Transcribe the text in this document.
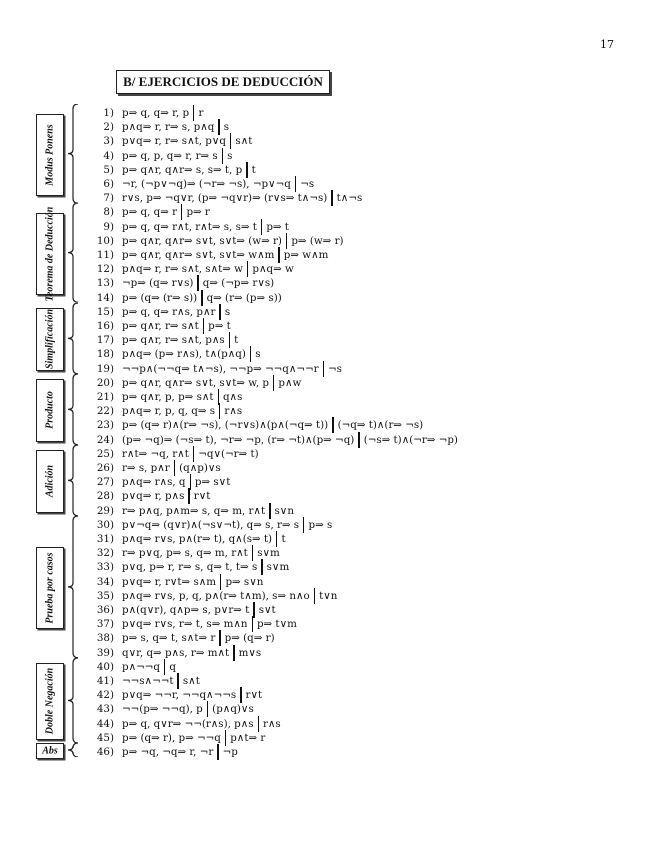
17
B/ EJERCICIOS DE DEDUCCIÓN
1) p⇒ q, q⇒ r, p r
2) p∧q⇒ r, r⇒ s, p∧q s
3) p∨q⇒ r, r⇒ s∧t, p∨q s∧t
4) p⇒ q, p, q⇒ r, r⇒ s s
5) p⇒ q∧r, q∧r⇒ s, s⇒ t, p t
6) ¬r, (¬p∨¬q)⇒ (¬r⇒ ¬s), ¬p∨¬q ¬s
7) r∨s, p⇒ ¬q∨r, (p⇒ ¬q∨r)⇒ (r∨s⇒ t∧¬s) t∧¬s
8) p⇒ q, q⇒ r p⇒ r
9) p⇒ q, q⇒ r∧t, r∧t⇒ s, s⇒ t p⇒ t
10) p⇒ q∧r, q∧r⇒ s∨t, s∨t⇒ (w⇒ r) p⇒ (w⇒ r)
11) p⇒ q∧r, q∧r⇒ s∨t, s∨t⇒ w∧m p⇒ w∧m
12) p∧q⇒ r, r⇒ s∧t, s∧t⇒ w p∧q⇒ w
13) ¬p⇒ (q⇒ r∨s) q⇒ (¬p⇒ r∨s)
14) p⇒ (q⇒ (r⇒ s)) q⇒ (r⇒ (p⇒ s))
15) p⇒ q, q⇒ r∧s, p∧r s
16) p⇒ q∧r, r⇒ s∧t p⇒ t
17) p⇒ q∧r, r⇒ s∧t, p∧s t
18) p∧q⇒ (p⇒ r∧s), t∧(p∧q) s
19) ¬¬p∧(¬¬q⇒ t∧¬s), ¬¬p⇒ ¬¬q∧¬¬r ¬s
20) p⇒ q∧r, q∧r⇒ s∨t, s∨t⇒ w, p p∧w
21) p⇒ q∧r, p, p⇒ s∧t q∧s
22) p∧q⇒ r, p, q, q⇒ s r∧s
23) p⇒ (q⇒ r)∧(r⇒ ¬s), (¬r∨s)∧(p∧(¬q⇒ t)) (¬q⇒ t)∧(r⇒ ¬s)
24) (p⇒ ¬q)⇒ (¬s⇒ t), ¬r⇒ ¬p, (r⇒ ¬t)∧(p⇒ ¬q) (¬s⇒ t)∧(¬r⇒ ¬p)
25) r∧t⇒ ¬q, r∧t ¬q∨(¬r⇒ t)
26) r⇒ s, p∧r (q∧p)∨s
27) p∧q⇒ r∧s, q p⇒ s∨t
28) p∨q⇒ r, p∧s r∨t
29) r⇒ p∧q, p∧m⇒ s, q⇒ m, r∧t s∨n
30) p∨¬q⇒ (q∨r)∧(¬s∨¬t), q⇒ s, r⇒ s p⇒ s
31) p∧q⇒ r∨s, p∧(r⇒ t), q∧(s⇒ t) t
32) r⇒ p∨q, p⇒ s, q⇒ m, r∧t s∨m
33) p∨q, p⇒ r, r⇒ s, q⇒ t, t⇒ s s∨m
34) p∨q⇒ r, r∨t⇒ s∧m p⇒ s∨n
35) p∧q⇒ r∨s, p, q, p∧(r⇒ t∧m), s⇒ n∧o t∨n
36) p∧(q∨r), q∧p⇒ s, p∨r⇒ t s∨t
37) p∨q⇒ r∨s, r⇒ t, s⇒ m∧n p⇒ t∨m
38) p⇒ s, q⇒ t, s∧t⇒ r p⇒ (q⇒ r)
39) q∨r, q⇒ p∧s, r⇒ m∧t m∨s
40) p∧¬¬q q
41) ¬¬s∧¬¬t s∧t
42) p∨q⇒ ¬¬r, ¬¬q∧¬¬s r∨t
43) ¬¬(p⇒ ¬¬q), p (p∧q)∨s
44) p⇒ q, q∨r⇒ ¬¬(r∧s), p∧s r∧s
45) p⇒ (q⇒ r), p⇒ ¬¬q p∧t⇒ r
46) p⇒ ¬q, ¬q⇒ r, ¬r ¬p
Modus Ponens
Teorema de Deducción
Simplificación
Producto
Adición
Prueba por casos
Doble Negación
Abs
